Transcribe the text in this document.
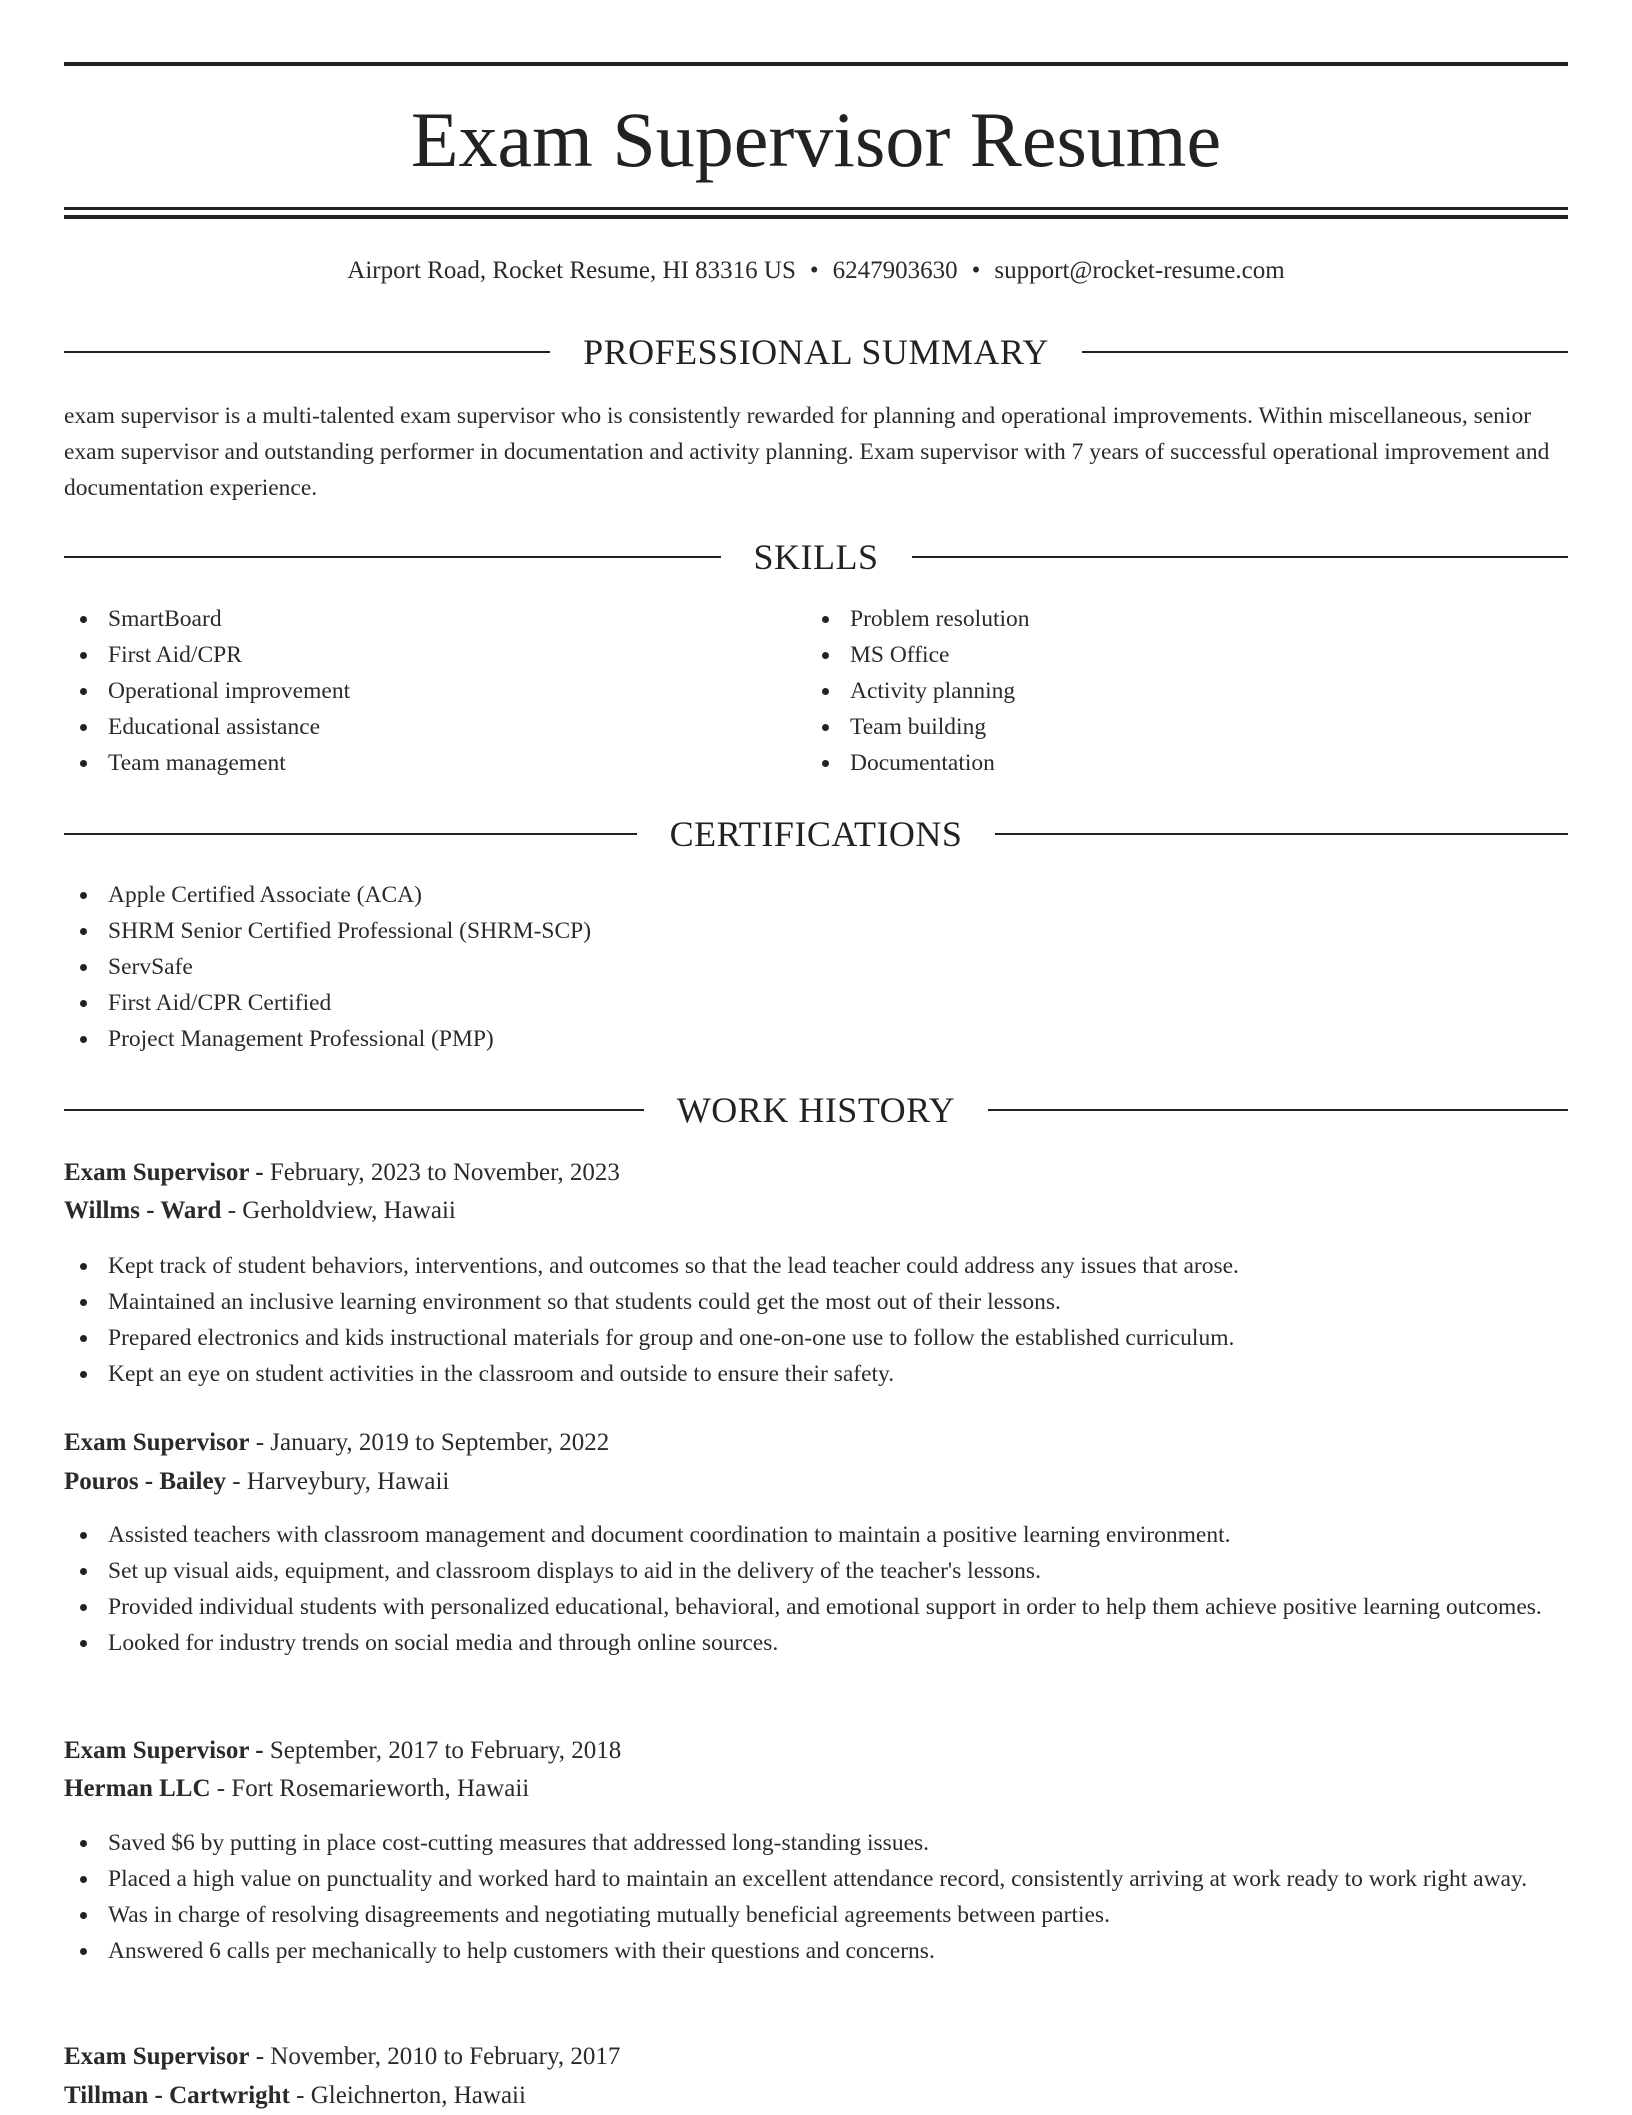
Exam Supervisor Resume
Airport Road, Rocket Resume, HI 83316 US • 6247903630 • support@rocket-resume.com
PROFESSIONAL SUMMARY

exam supervisor is a multi-talented exam supervisor who is consistently rewarded for planning and operational improvements. Within miscellaneous, senior exam supervisor and outstanding performer in documentation and activity planning. Exam supervisor with 7 years of successful operational improvement and documentation experience.

SKILLS
SmartBoard
First Aid/CPR
Operational improvement
Educational assistance
Team management
Problem resolution
MS Office
Activity planning
Team building
Documentation
CERTIFICATIONS
Apple Certified Associate (ACA)
SHRM Senior Certified Professional (SHRM-SCP)
ServSafe
First Aid/CPR Certified
Project Management Professional (PMP)
WORK HISTORY
Exam Supervisor - February, 2023 to November, 2023
Willms - Ward - Gerholdview, Hawaii
Kept track of student behaviors, interventions, and outcomes so that the lead teacher could address any issues that arose.
Maintained an inclusive learning environment so that students could get the most out of their lessons.
Prepared electronics and kids instructional materials for group and one-on-one use to follow the established curriculum.
Kept an eye on student activities in the classroom and outside to ensure their safety.
Exam Supervisor - January, 2019 to September, 2022
Pouros - Bailey - Harveybury, Hawaii
Assisted teachers with classroom management and document coordination to maintain a positive learning environment.
Set up visual aids, equipment, and classroom displays to aid in the delivery of the teacher's lessons.
Provided individual students with personalized educational, behavioral, and emotional support in order to help them achieve positive learning outcomes.
Looked for industry trends on social media and through online sources.
Exam Supervisor - September, 2017 to February, 2018
Herman LLC - Fort Rosemarieworth, Hawaii
Saved $6 by putting in place cost-cutting measures that addressed long-standing issues.
Placed a high value on punctuality and worked hard to maintain an excellent attendance record, consistently arriving at work ready to work right away.
Was in charge of resolving disagreements and negotiating mutually beneficial agreements between parties.
Answered 6 calls per mechanically to help customers with their questions and concerns.
Exam Supervisor - November, 2010 to February, 2017
Tillman - Cartwright - Gleichnerton, Hawaii
